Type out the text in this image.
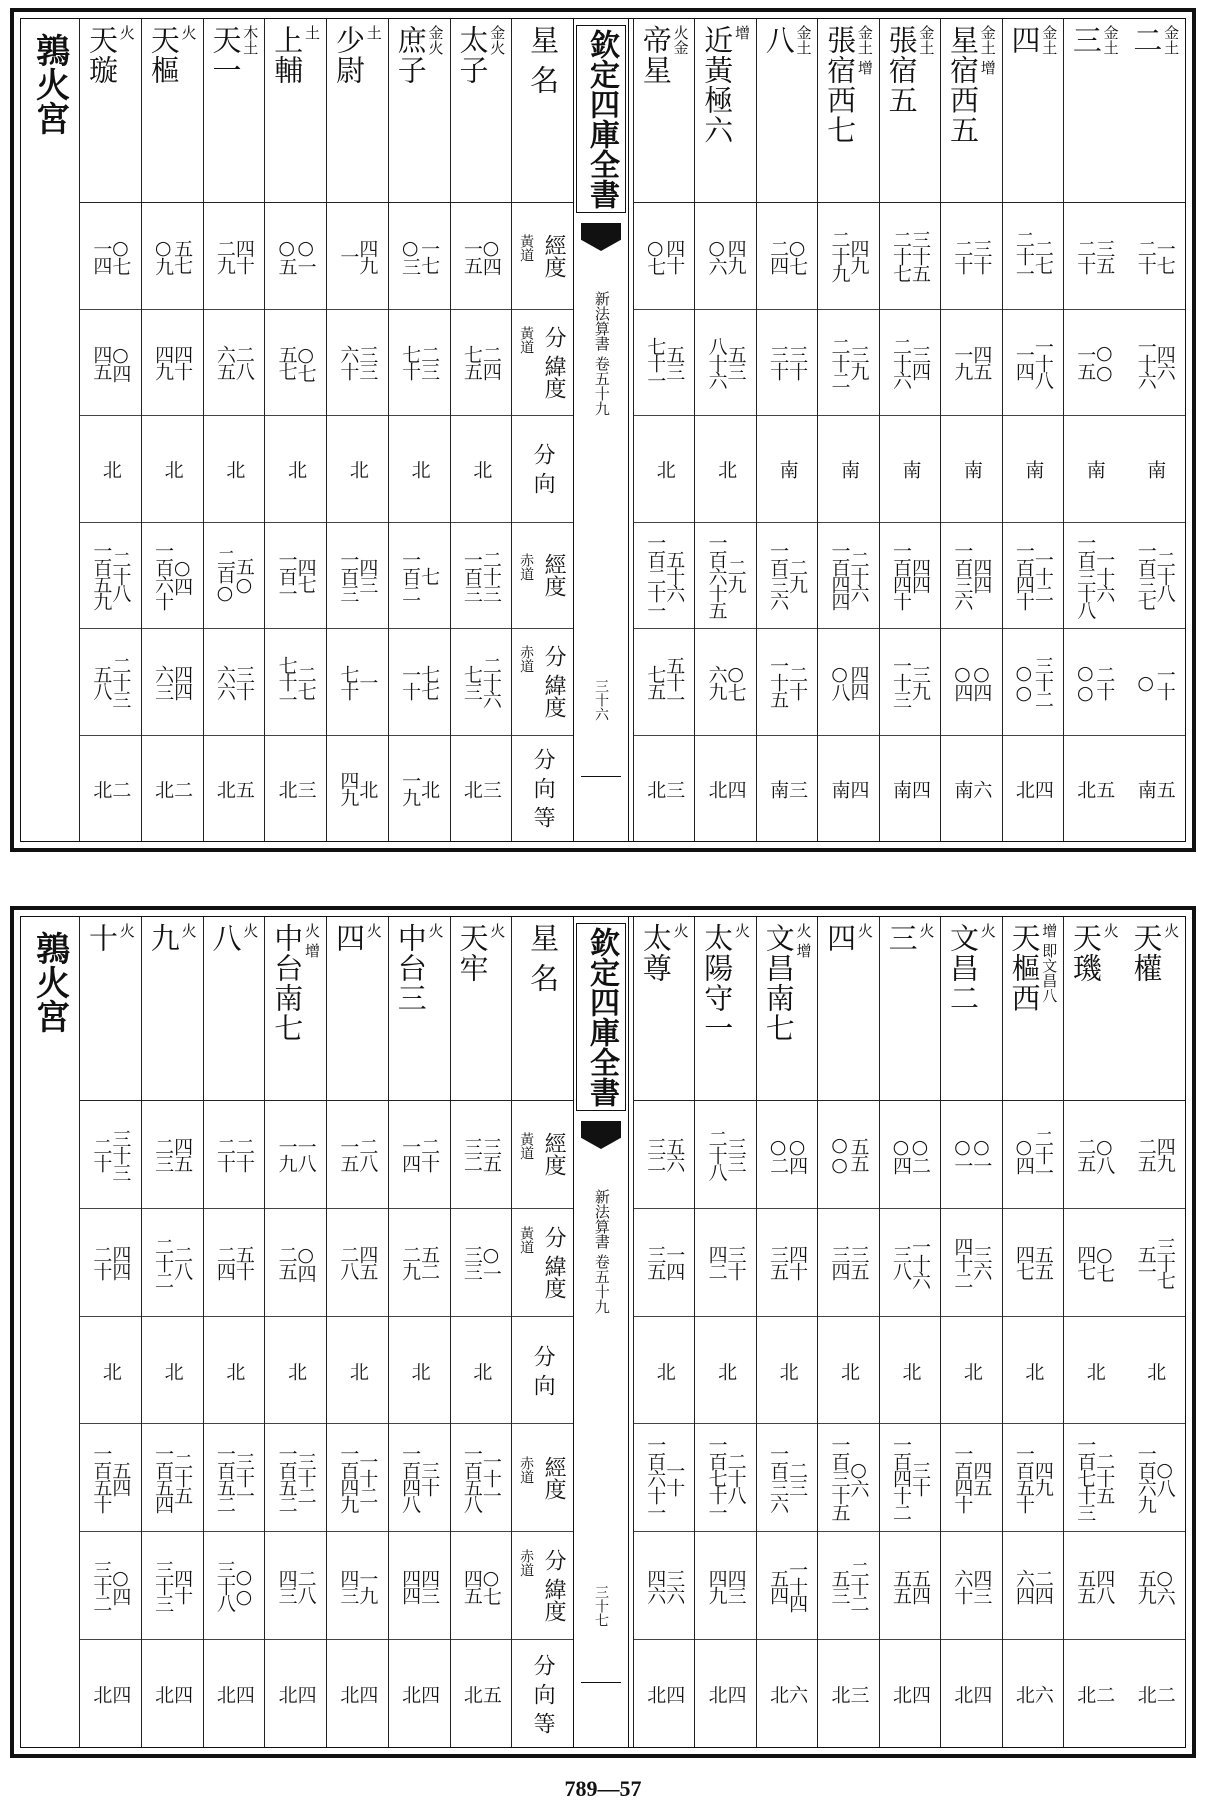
星 名
經度
黃道
分 緯度
黃道
分 向
經度
赤道
分 緯度
赤道
分 向 等
太子
金火
一五
○四
七五
二四
北
一百三
二十三
七三
二十六
北
三
庶子
金火
○三
一七
七十
二三
北
一百二
七
一十
七七
一九
北
少尉
土
一
四九
六十
三三
北
一百三
四三
七十
一
四九
北
上輔
土
○五
○一
五七
○七
北
一百一
四七
七十一
二七
北
三
天一
木土
二九
四十
六五
二八
北
二百○
五○
六六
三十
北
五
天樞
火
○九
五七
四九
四十
北
一百六十
○四
六三
四四
北
二
天璇
火
一四
○七
四五
○四
北
一百五九
二十八
五八
二十三
北
二
鶉火宮	欽定四庫全書
新法算書 卷五十九
三十六
帝星
火金
○七
四十
七十一
五三
北
一百二十一
五十六
七五
五十一
北
三
近黃極六
增
○六
四九
八十六
五三
北
一百六十五
二九
六九
○七
北
四
八
金土
二四
○七
三十
三十
南
一百三六
二九
一十五
二十
南
三
張宿西七
金土 增
二十九
四九
二十二
三九
南
一百四四
二十六
○八
四四
南
四
張宿五
金土
二十七
三十五
二十六
三四
南
一百四十
四四
一十三
三九
南
四
星宿西五
金土 增
二十
三十
一九
四五
南
一百三六
四四
○四
○四
南
六
四
金土
二十一
二七
一四
一十八
南
一百四十
一十二
○○
三十二
北
四
三
金土
二十
三五
一五
○○
南
一百三十八
一十六
○○
二十
北
五
二
金土
二十
一七
一十六
四六
南
一百三七
二十八
○
一十
南
五
星 名
經度
黃道
分 緯度
黃道
分 向
經度
赤道
分 緯度
赤道
分 向 等
天牢
火
三二
三五
三三
○一
北
一百五八
一十一
四五
○七
北
五
中台三
火
一四
二十
二九
五二
北
一百四八
三十
四四
四三
北
四
四
火
一五
二八
二八
四五
北
一百四九
一十二
四三
一九
北
四
中台南七
火 增
一九
一八
二五
○四
北
一百五二
三十二
四三
二八
北
四
八
火
二十
二十
二四
五十
北
一百五二
三十一
三十八
○○
北
四
九
火
二三
四五
二十二
二八
北
一百五四
二十五
三十三
四十
北
四
十
火
二十
三十三
二十
四四
北
一百五十
五四
三十二
○四
北
四
鶉火宮	欽定四庫全書
新法算書 卷五十九
三十七
太尊
火
三二
五六
三五
一四
北
一百六十一
一十
四六
三六
北
四
太陽守一
火
二十八
三三
四二
三十
北
一百七十一
二十八
四九
四三
北
四
文昌南七
火 增
○二
○四
三五
四十
北
一百三六
二三
五四
一十四
北
六
四
火
○○
五五
三四
三五
北
一百三十五
○六
五三
二十二
北
三
三
火
○四
○二
三八
一十六
北
一百四十二
三十
五五
五四
北
四
文昌二
火
○一
○一
四十二
三六
北
一百四十
四五
六十
四三
北
四
天樞西
增 即文昌八
○四
二十一
四七
五五
北
一百五十
四九
六四
二四
北
六
天璣
火
二五
○八
四七
○七
北
一百七十三
二十五
五五
四八
北
二
天權
火
二五
四九
五一
三十七
北
一百六九
○八
五九
○六
北
二
789—57
